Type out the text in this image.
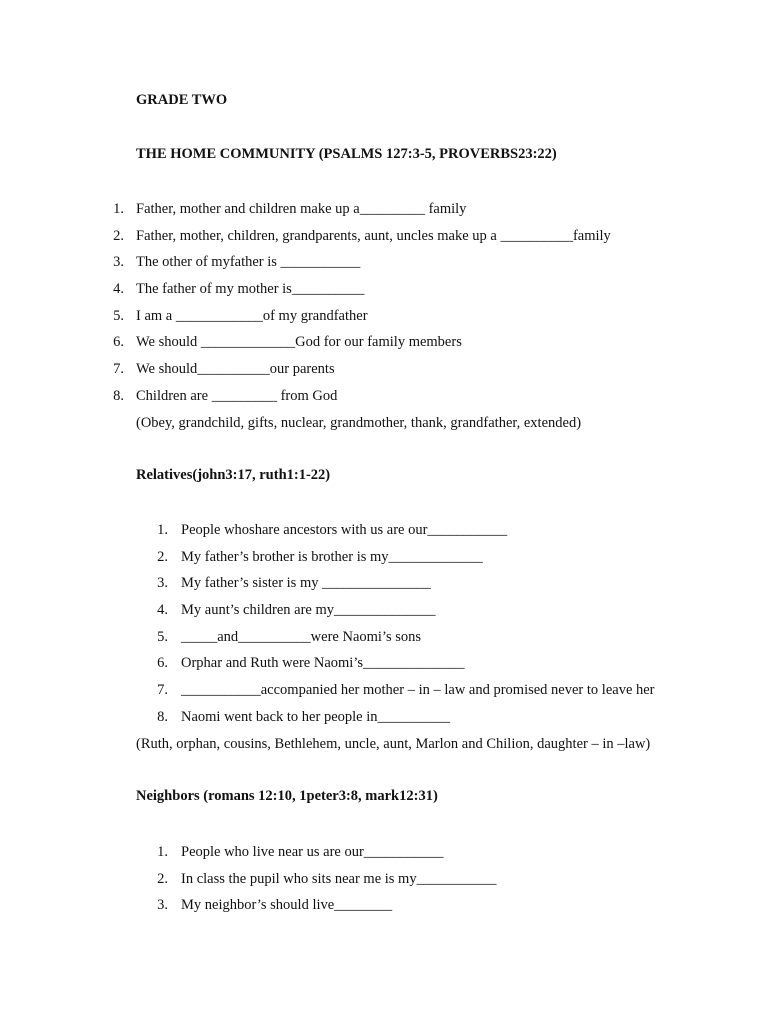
GRADE TWO
THE HOME COMMUNITY (PSALMS 127:3-5, PROVERBS23:22)
1. Father, mother and children make up a_________ family
2. Father, mother, children, grandparents, aunt, uncles make up a __________family
3. The other of myfather is ___________
4. The father of my mother is__________
5. I am a ____________of my grandfather
6. We should _____________God for our family members
7. We should__________our parents
8. Children are _________ from God
(Obey, grandchild, gifts, nuclear, grandmother, thank, grandfather, extended)
Relatives(john3:17, ruth1:1-22)
1. People whoshare ancestors with us are our___________
2. My father’s brother is brother is my_____________
3. My father’s sister is my _______________
4. My aunt’s children are my______________
5. _____and__________were Naomi’s sons
6. Orphar and Ruth were Naomi’s______________
7. ___________accompanied her mother – in – law and promised never to leave her
8. Naomi went back to her people in__________
(Ruth, orphan, cousins, Bethlehem, uncle, aunt, Marlon and Chilion, daughter – in –law)
Neighbors (romans 12:10, 1peter3:8, mark12:31)
1. People who live near us are our___________
2. In class the pupil who sits near me is my___________
3. My neighbor’s should live________
